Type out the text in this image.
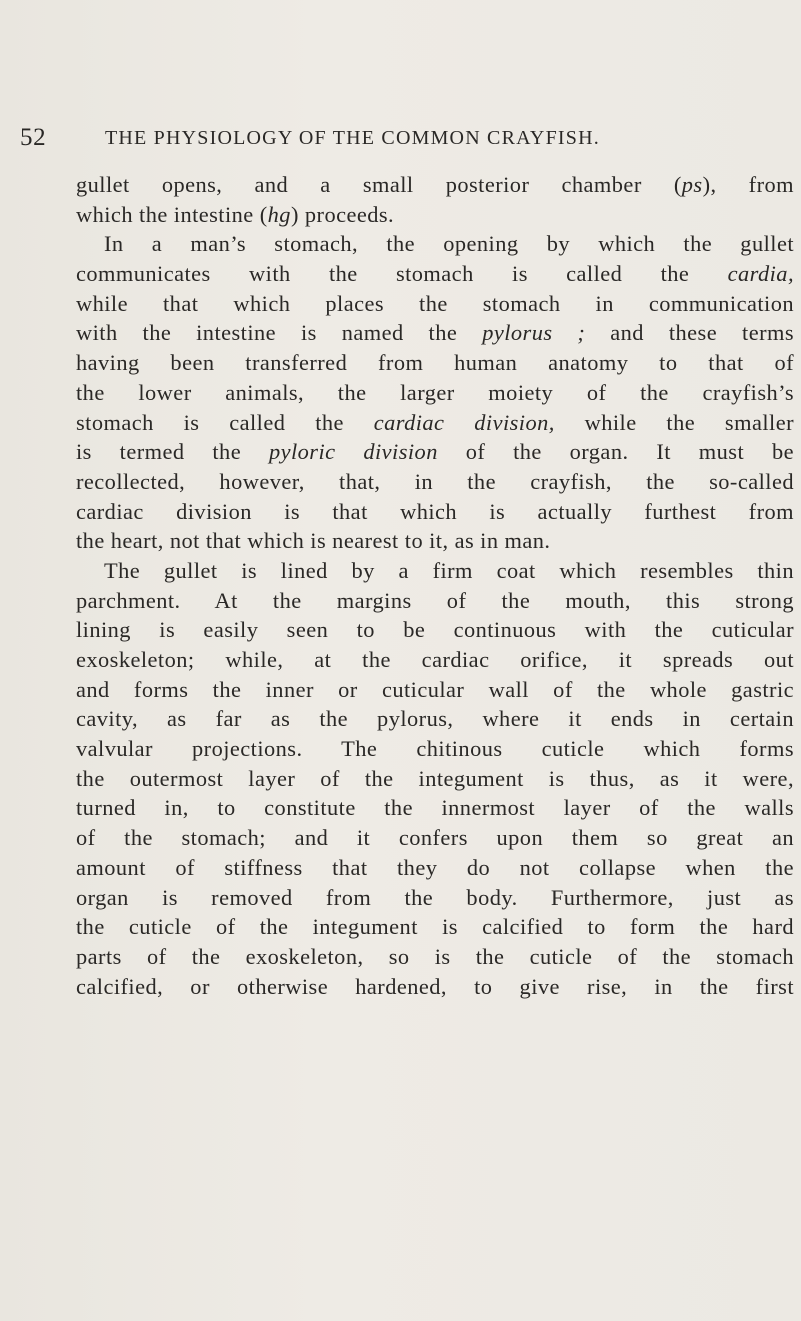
52	THE PHYSIOLOGY OF THE COMMON CRAYFISH.
gullet opens, and a small posterior chamber (ps), from
which the intestine (hg) proceeds.
In a man’s stomach, the opening by which the gullet
communicates with the stomach is called the cardia,
while that which places the stomach in communication
with the intestine is named the pylorus ; and these terms
having been transferred from human anatomy to that of
the lower animals, the larger moiety of the crayfish’s
stomach is called the cardiac division, while the smaller
is termed the pyloric division of the organ. It must be
recollected, however, that, in the crayfish, the so-called
cardiac division is that which is actually furthest from
the heart, not that which is nearest to it, as in man.
The gullet is lined by a firm coat which resembles thin
parchment. At the margins of the mouth, this strong
lining is easily seen to be continuous with the cuticular
exoskeleton; while, at the cardiac orifice, it spreads out
and forms the inner or cuticular wall of the whole gastric
cavity, as far as the pylorus, where it ends in certain
valvular projections. The chitinous cuticle which forms
the outermost layer of the integument is thus, as it were,
turned in, to constitute the innermost layer of the walls
of the stomach; and it confers upon them so great an
amount of stiffness that they do not collapse when the
organ is removed from the body. Furthermore, just as
the cuticle of the integument is calcified to form the hard
parts of the exoskeleton, so is the cuticle of the stomach
calcified, or otherwise hardened, to give rise, in the first
